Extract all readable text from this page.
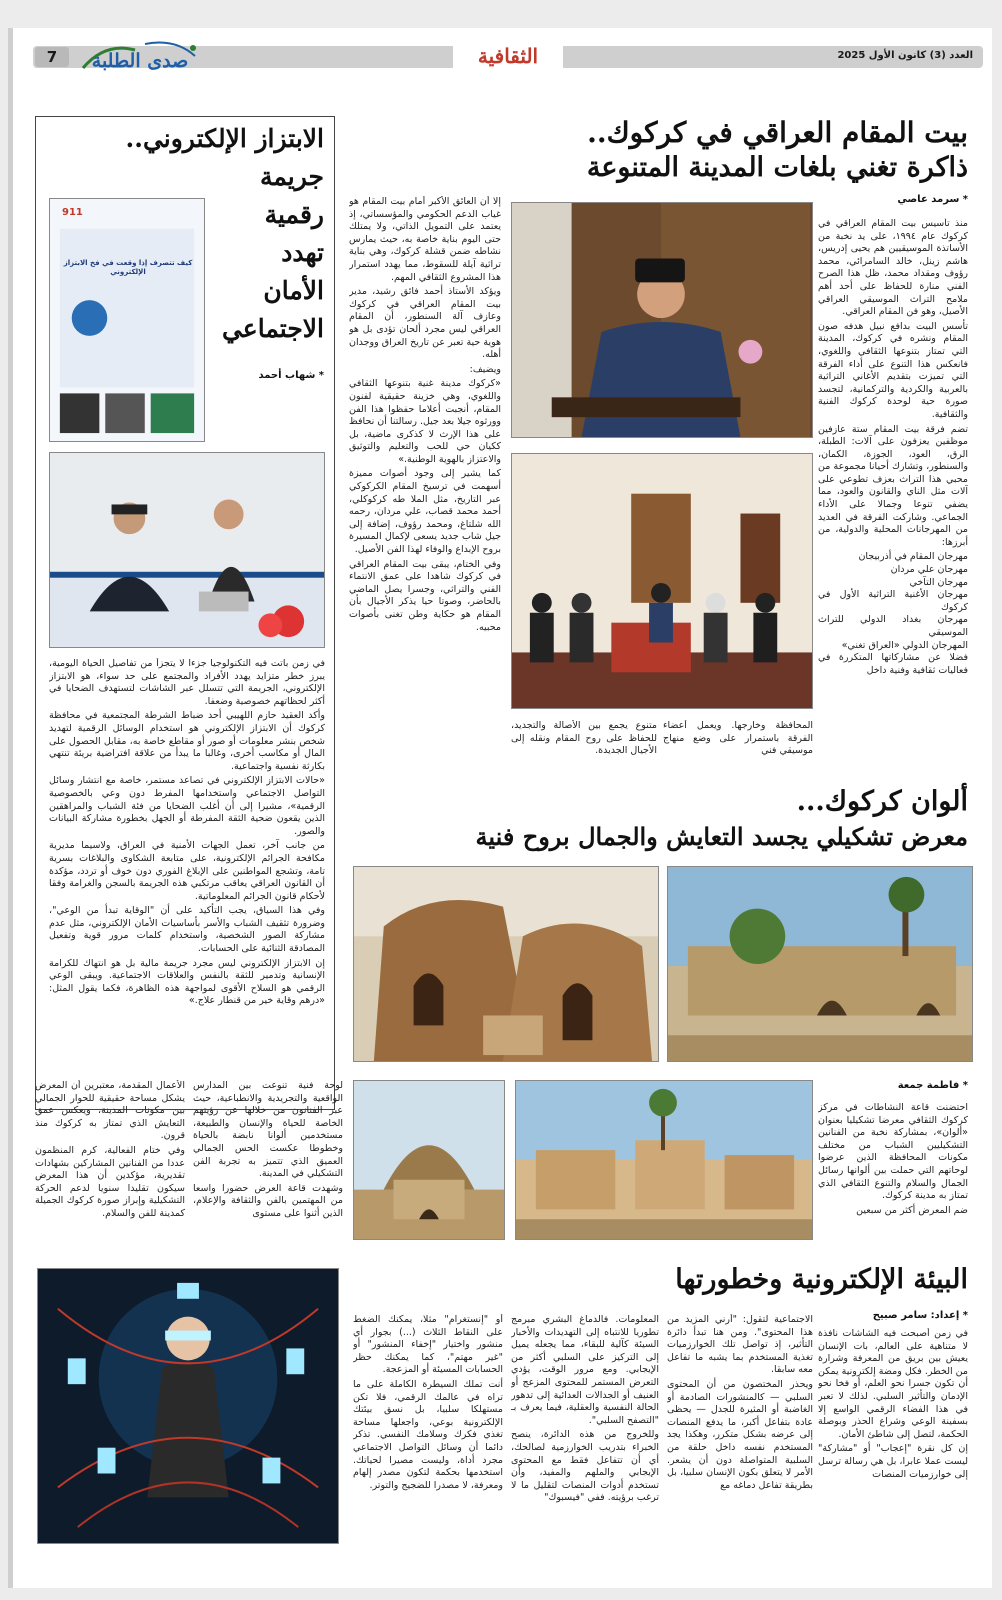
7	صدى الطلبة	الثقافية	العدد (3) كانون الأول 2025
بيت المقام العراقي في كركوك..
ذاكرة تغني بلغات المدينة المتنوعة
* سرمد عاصي

منذ تأسيس بيت المقام العراقي في كركوك عام ١٩٩٤، على يد نخبة من الأساتذة الموسيقيين هم يحيى إدريس، هاشم زينل، خالد السامرائي، محمد رؤوف ومقداد محمد، ظل هذا الصرح الفني منارة للحفاظ على أحد أهم ملامح التراث الموسيقي العراقي الأصيل، وهو فن المقام العراقي.

تأسس البيت بدافع نبيل هدفه صون المقام ونشره في كركوك، المدينة التي تمتاز بتنوعها الثقافي واللغوي، فانعكس هذا التنوع على أداء الفرقة التي تميزت بتقديم الأغاني التراثية بالعربية والكردية والتركمانية، لتجسد صورة حية لوحدة كركوك الفنية والثقافية.

تضم فرقة بيت المقام ستة عازفين موظفين يعزفون على آلات: الطبلة، الرق، العود، الجوزة، الكمان، والسنطور، وتشارك أحيانا مجموعة من محبي هذا التراث بعزف تطوعي على آلات مثل الناي والقانون والعود، مما يضفي تنوعا وجمالا على الأداء الجماعي. وشاركت الفرقة في العديد من المهرجانات المحلية والدولية، من أبرزها:

مهرجان المقام في أذربيجان
مهرجان علي مردان
مهرجان التآخي
مهرجان الأغنية التراثية الأول في كركوك
مهرجان بغداد الدولي للتراث الموسيقي
المهرجان الدولي «العراق تغني»

فضلا عن مشاركاتها المتكررة في فعاليات ثقافية وفنية داخل

المحافظة وخارجها. ويعمل أعضاء الفرقة باستمرار على وضع منهاج موسيقي فني

متنوع يجمع بين الأصالة والتجديد، للحفاظ على روح المقام ونقله إلى الأجيال الجديدة.

إلا أن العائق الأكبر أمام بيت المقام هو غياب الدعم الحكومي والمؤسساتي، إذ يعتمد على التمويل الذاتي، ولا يمتلك حتى اليوم بناية خاصة به، حيث يمارس نشاطه ضمن قشلة كركوك، وهي بناية تراثية آيلة للسقوط، مما يهدد استمرار هذا المشروع الثقافي المهم.

ويؤكد الأستاذ أحمد فائق رشيد، مدير بيت المقام العراقي في كركوك وعازف آلة السنطور، أن المقام العراقي ليس مجرد ألحان تؤدى بل هو هوية حية تعبر عن تاريخ العراق ووجدان أهله.

ويضيف:

«كركوك مدينة غنية بتنوعها الثقافي واللغوي، وهي خزينة حقيقية لفنون المقام، أنجبت أعلاما حفظوا هذا الفن وورثوه جيلا بعد جيل. رسالتنا أن نحافظ على هذا الإرث لا كذكرى ماضية، بل ككيان حي للحب والتعليم والتوثيق والاعتزاز بالهوية الوطنية.»

كما يشير إلى وجود أصوات مميزة أسهمت في ترسيخ المقام الكركوكي عبر التاريخ، مثل الملا طه كركوكلي، أحمد محمد قصاب، علي مردان، رحمه الله شلتاغ، ومحمد رؤوف، إضافة إلى جيل شاب جديد يسعى لإكمال المسيرة بروح الإبداع والوفاء لهذا الفن الأصيل.

وفي الختام، يبقى بيت المقام العراقي في كركوك شاهدا على عمق الانتماء الفني والتراثي، وجسرا يصل الماضي بالحاضر، وصوتا حيا يذكر الأجيال بأن المقام هو حكاية وطن تغنى بأصوات محبيه.

الابتزاز الإلكتروني..
جريمة
رقمية
تهدد
الأمان
الاجتماعي
* شهاب أحمد
كيف تتصرف إذا وقعت في فخ الابتزاز الإلكتروني
911

في زمن باتت فيه التكنولوجيا جزءا لا يتجزأ من تفاصيل الحياة اليومية، يبرز خطر متزايد يهدد الأفراد والمجتمع على حد سواء، هو الابتزاز الإلكتروني، الجريمة التي تتسلل عبر الشاشات لتستهدف الضحايا في أكثر لحظاتهم خصوصية وضعفا.

وأكد العقيد حازم اللهيبي أحد ضباط الشرطة المجتمعية في محافظة كركوك أن الابتزاز الإلكتروني هو استخدام الوسائل الرقمية لتهديد شخص بنشر معلومات أو صور أو مقاطع خاصة به، مقابل الحصول على المال أو مكاسب أخرى، وغالبا ما يبدأ من علاقة افتراضية بريئة تنتهي بكارثة نفسية واجتماعية.

«حالات الابتزاز الإلكتروني في تصاعد مستمر، خاصة مع انتشار وسائل التواصل الاجتماعي واستخدامها المفرط دون وعي بالخصوصية الرقمية»، مشيرا إلى أن أغلب الضحايا من فئة الشباب والمراهقين الذين يقعون ضحية الثقة المفرطة أو الجهل بخطورة مشاركة البيانات والصور.

من جانب آخر، تعمل الجهات الأمنية في العراق، ولاسيما مديرية مكافحة الجرائم الإلكترونية، على متابعة الشكاوى والبلاغات بسرية تامة، وتشجع المواطنين على الإبلاغ الفوري دون خوف أو تردد، مؤكدة أن القانون العراقي يعاقب مرتكبي هذه الجريمة بالسجن والغرامة وفقا لأحكام قانون الجرائم المعلوماتية.

وفي هذا السياق، يجب التأكيد على أن "الوقاية تبدأ من الوعي"، وضرورة تثقيف الشباب والأسر بأساسيات الأمان الإلكتروني، مثل عدم مشاركة الصور الشخصية، واستخدام كلمات مرور قوية وتفعيل المصادقة الثنائية على الحسابات.

إن الابتزاز الإلكتروني ليس مجرد جريمة مالية بل هو انتهاك للكرامة الإنسانية وتدمير للثقة بالنفس والعلاقات الاجتماعية. ويبقى الوعي الرقمي هو السلاح الأقوى لمواجهة هذه الظاهرة، فكما يقول المثل: «درهم وقاية خير من قنطار علاج.»

ألوان كركوك...
معرض تشكيلي يجسد التعايش والجمال بروح فنية
* فاطمة جمعة

احتضنت قاعة النشاطات في مركز كركوك الثقافي معرضا تشكيليا بعنوان «ألوان»، بمشاركة نخبة من الفنانين التشكيليين الشباب من مختلف مكونات المحافظة الذين عرضوا لوحاتهم التي حملت بين ألوانها رسائل الجمال والسلام والتنوع الثقافي الذي تمتاز به مدينة كركوك.

ضم المعرض أكثر من سبعين

لوحة فنية تنوعت بين المدارس الواقعية والتجريدية والانطباعية، حيث عبر الفنانون من خلالها عن رؤيتهم الخاصة للحياة والإنسان والطبيعة، مستخدمين ألوانا نابضة بالحياة وخطوطا عكست الحس الجمالي العميق الذي تتميز به تجربة الفن التشكيلي في المدينة.

وشهدت قاعة العرض حضورا واسعا من المهتمين بالفن والثقافة والإعلام، الذين أثنوا على مستوى

الأعمال المقدمة، معتبرين أن المعرض يشكل مساحة حقيقية للحوار الجمالي بين مكونات المدينة، ويعكس عمق التعايش الذي تمتاز به كركوك منذ قرون.

وفي ختام الفعالية، كرم المنظمون عددا من الفنانين المشاركين بشهادات تقديرية، مؤكدين أن هذا المعرض سيكون تقليدا سنويا لدعم الحركة التشكيلية وإبراز صورة كركوك الجميلة كمدينة للفن والسلام.

البيئة الإلكترونية وخطورتها
* إعداد: سامر صبيح

في زمن أصبحت فيه الشاشات نافذة لا متناهية على العالم، بات الإنسان يعيش بين بريق من المعرفة وشرارة من الخطر. فكل ومضة إلكترونية يمكن أن تكون جسرا نحو العلم، أو فخا نحو الإدمان والتأثير السلبي. لذلك لا تعبر في هذا الفضاء الرقمي الواسع إلا بسفينة الوعي وشراع الحذر وبوصلة الحكمة، لتصل إلى شاطئ الأمان.

إن كل نقرة "إعجاب" أو "مشاركة" ليست عملا عابرا، بل هي رسالة ترسل إلى خوارزميات المنصات

الاجتماعية لتقول: "أرني المزيد من هذا المحتوى". ومن هنا تبدأ دائرة التأثير، إذ تواصل تلك الخوارزميات تغذية المستخدم بما يشبه ما تفاعل معه سابقا.

ويحذر المختصون من أن المحتوى السلبي — كالمنشورات الصادمة أو الغاضبة أو المثيرة للجدل — يحظى عادة بتفاعل أكبر، ما يدفع المنصات إلى عرضه بشكل متكرر، وهكذا يجد المستخدم نفسه داخل حلقة من السلبية المتواصلة دون أن يشعر. الأمر لا يتعلق بكون الإنسان سلبيا، بل بطريقة تفاعل دماغه مع

المعلومات. فالدماغ البشري مبرمج تطوريا للانتباه إلى التهديدات والأخبار السيئة كآلية للبقاء، مما يجعله يميل إلى التركيز على السلبي أكثر من الإيجابي. ومع مرور الوقت، يؤدي التعرض المستمر للمحتوى المزعج أو العنيف أو الجدالات العدائية إلى تدهور الحالة النفسية والعقلية، فيما يعرف بـ "التصفح السلبي".

وللخروج من هذه الدائرة، ينصح الخبراء بتدريب الخوارزمية لصالحك، أي أن تتفاعل فقط مع المحتوى الإيجابي والملهم والمفيد، وأن تستخدم أدوات المنصات لتقليل ما لا ترغب برؤيته. ففي "فيسبوك"

أو "إنستغرام" مثلا، يمكنك الضغط على النقاط الثلاث (...) بجوار أي منشور واختيار "إخفاء المنشور" أو "غير مهتم"، كما يمكنك حظر الحسابات المسيئة أو المزعجة.

أنت تملك السيطرة الكاملة على ما تراه في عالمك الرقمي، فلا تكن مستهلكا سلبيا، بل نسق بيئتك الإلكترونية بوعي، واجعلها مساحة تغذي فكرك وسلامك النفسي. تذكر دائما أن وسائل التواصل الاجتماعي مجرد أداة، وليست مصيرا لحياتك. استخدمها بحكمة لتكون مصدر إلهام ومعرفة، لا مصدرا للضجيج والتوتر.
